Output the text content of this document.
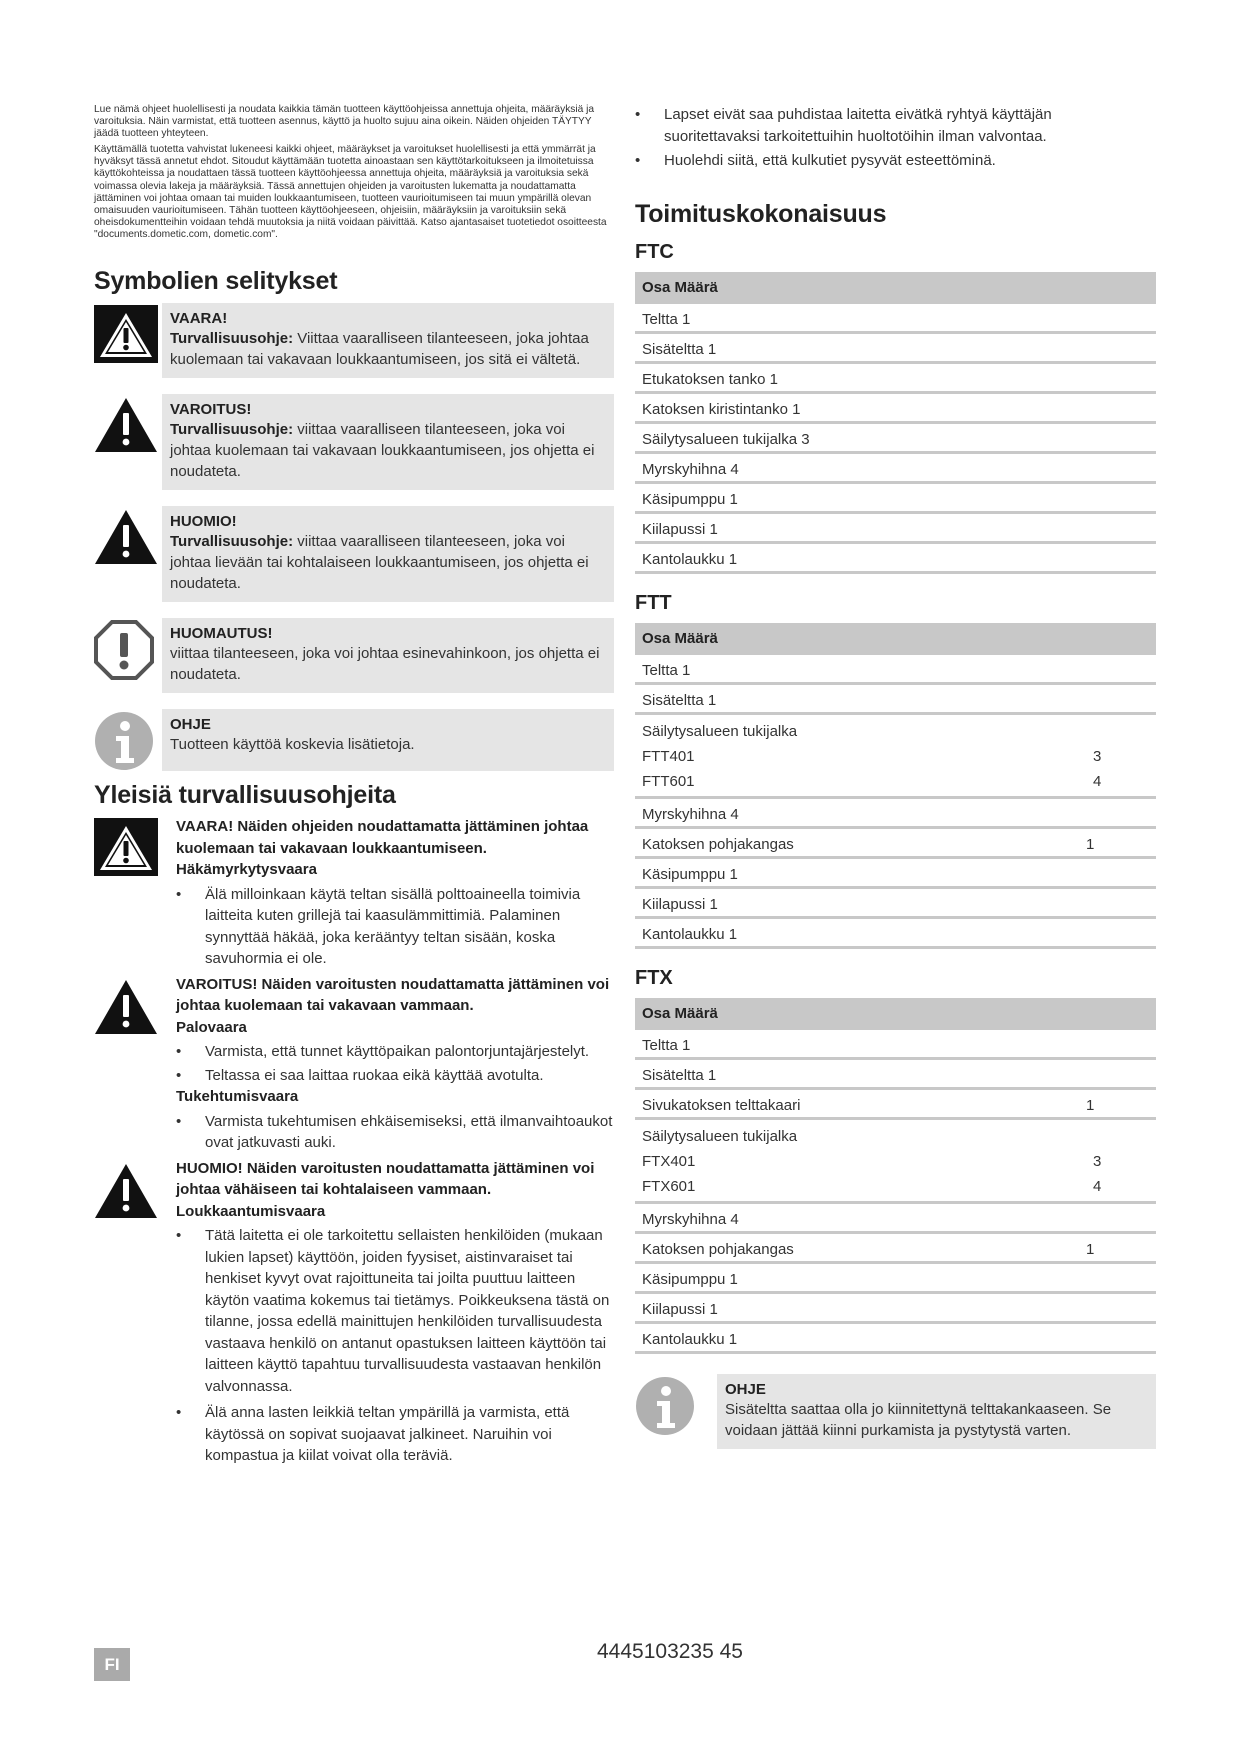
Lue nämä ohjeet huolellisesti ja noudata kaikkia tämän tuotteen käyttöohjeissa annettuja ohjeita, määräyksiä ja varoituksia. Näin varmistat, että tuotteen asennus, käyttö ja huolto sujuu aina oikein. Näiden ohjeiden TÄYTYY jäädä tuotteen yhteyteen.

Käyttämällä tuotetta vahvistat lukeneesi kaikki ohjeet, määräykset ja varoitukset huolellisesti ja että ymmärrät ja hyväksyt tässä annetut ehdot. Sitoudut käyttämään tuotetta ainoastaan sen käyttötarkoitukseen ja ilmoitetuissa käyttökohteissa ja noudattaen tässä tuotteen käyttöohjeessa annettuja ohjeita, määräyksiä ja varoituksia sekä voimassa olevia lakeja ja määräyksiä. Tässä annettujen ohjeiden ja varoitusten lukematta ja noudattamatta jättäminen voi johtaa omaan tai muiden loukkaantumiseen, tuotteen vaurioitumiseen tai muun ympärillä olevan omaisuuden vaurioitumiseen. Tähän tuotteen käyttöohjeeseen, ohjeisiin, määräyksiin ja varoituksiin sekä oheisdokumentteihin voidaan tehdä muutoksia ja niitä voidaan päivittää. Katso ajantasaiset tuotetiedot osoitteesta "documents.dometic.com, dometic.com".

Symbolien selitykset
VAARA!
Turvallisuusohje: Viittaa vaaralliseen tilanteeseen, joka johtaa kuolemaan tai vakavaan loukkaantumiseen, jos sitä ei vältetä.
VAROITUS!
Turvallisuusohje: viittaa vaaralliseen tilanteeseen, joka voi johtaa kuolemaan tai vakavaan loukkaantumiseen, jos ohjetta ei noudateta.
HUOMIO!
Turvallisuusohje: viittaa vaaralliseen tilanteeseen, joka voi johtaa lievään tai kohtalaiseen loukkaantumiseen, jos ohjetta ei noudateta.
HUOMAUTUS!
viittaa tilanteeseen, joka voi johtaa esinevahinkoon, jos ohjetta ei noudateta.
OHJE
Tuotteen käyttöä koskevia lisätietoja.
Yleisiä turvallisuusohjeita
VAARA! Näiden ohjeiden noudattamatta jättäminen johtaa kuolemaan tai vakavaan loukkaantumiseen.
Häkämyrkytysvaara
• Älä milloinkaan käytä teltan sisällä polttoaineella toimivia laitteita kuten grillejä tai kaasulämmittimiä. Palaminen synnyttää häkää, joka kerääntyy teltan sisään, koska savuhormia ei ole.
VAROITUS! Näiden varoitusten noudattamatta jättäminen voi johtaa kuolemaan tai vakavaan vammaan.
Palovaara
• Varmista, että tunnet käyttöpaikan palontorjuntajärjestelyt.
• Teltassa ei saa laittaa ruokaa eikä käyttää avotulta.
Tukehtumisvaara
• Varmista tukehtumisen ehkäisemiseksi, että ilmanvaihtoaukot ovat jatkuvasti auki.
HUOMIO! Näiden varoitusten noudattamatta jättäminen voi johtaa vähäiseen tai kohtalaiseen vammaan.
Loukkaantumisvaara
• Tätä laitetta ei ole tarkoitettu sellaisten henkilöiden (mukaan lukien lapset) käyttöön, joiden fyysiset, aistinvaraiset tai henkiset kyvyt ovat rajoittuneita tai joilta puuttuu laitteen käytön vaatima kokemus tai tietämys. Poikkeuksena tästä on tilanne, jossa edellä mainittujen henkilöiden turvallisuudesta vastaava henkilö on antanut opastuksen laitteen käyttöön tai laitteen käyttö tapahtuu turvallisuudesta vastaavan henkilön valvonnassa.
• Älä anna lasten leikkiä teltan ympärillä ja varmista, että käytössä on sopivat suojaavat jalkineet. Naruihin voi kompastua ja kiilat voivat olla teräviä.
• Lapset eivät saa puhdistaa laitetta eivätkä ryhtyä käyttäjän suoritettavaksi tarkoitettuihin huoltotöihin ilman valvontaa.
• Huolehdi siitä, että kulkutiet pysyvät esteettöminä.
Toimituskokonaisuus
FTC
Osa Määrä
Teltta 1
Sisäteltta 1
Etukatoksen tanko 1
Katoksen kiristintanko 1
Säilytysalueen tukijalka 3
Myrskyhihna 4
Käsipumppu 1
Kiilapussi 1
Kantolaukku 1
FTT
Osa Määrä
Teltta 1
Sisäteltta 1
Säilytysalueen tukijalka
FTT401	3
FTT601	4
Myrskyhihna 4
Katoksen pohjakangas	1
Käsipumppu 1
Kiilapussi 1
Kantolaukku 1
FTX
Osa Määrä
Teltta 1
Sisäteltta 1
Sivukatoksen telttakaari	1
Säilytysalueen tukijalka
FTX401	3
FTX601	4
Myrskyhihna 4
Katoksen pohjakangas	1
Käsipumppu 1
Kiilapussi 1
Kantolaukku 1
OHJE
Sisäteltta saattaa olla jo kiinnitettynä telttakankaaseen. Se voidaan jättää kiinni purkamista ja pystytystä varten.
FI
4445103235 45
